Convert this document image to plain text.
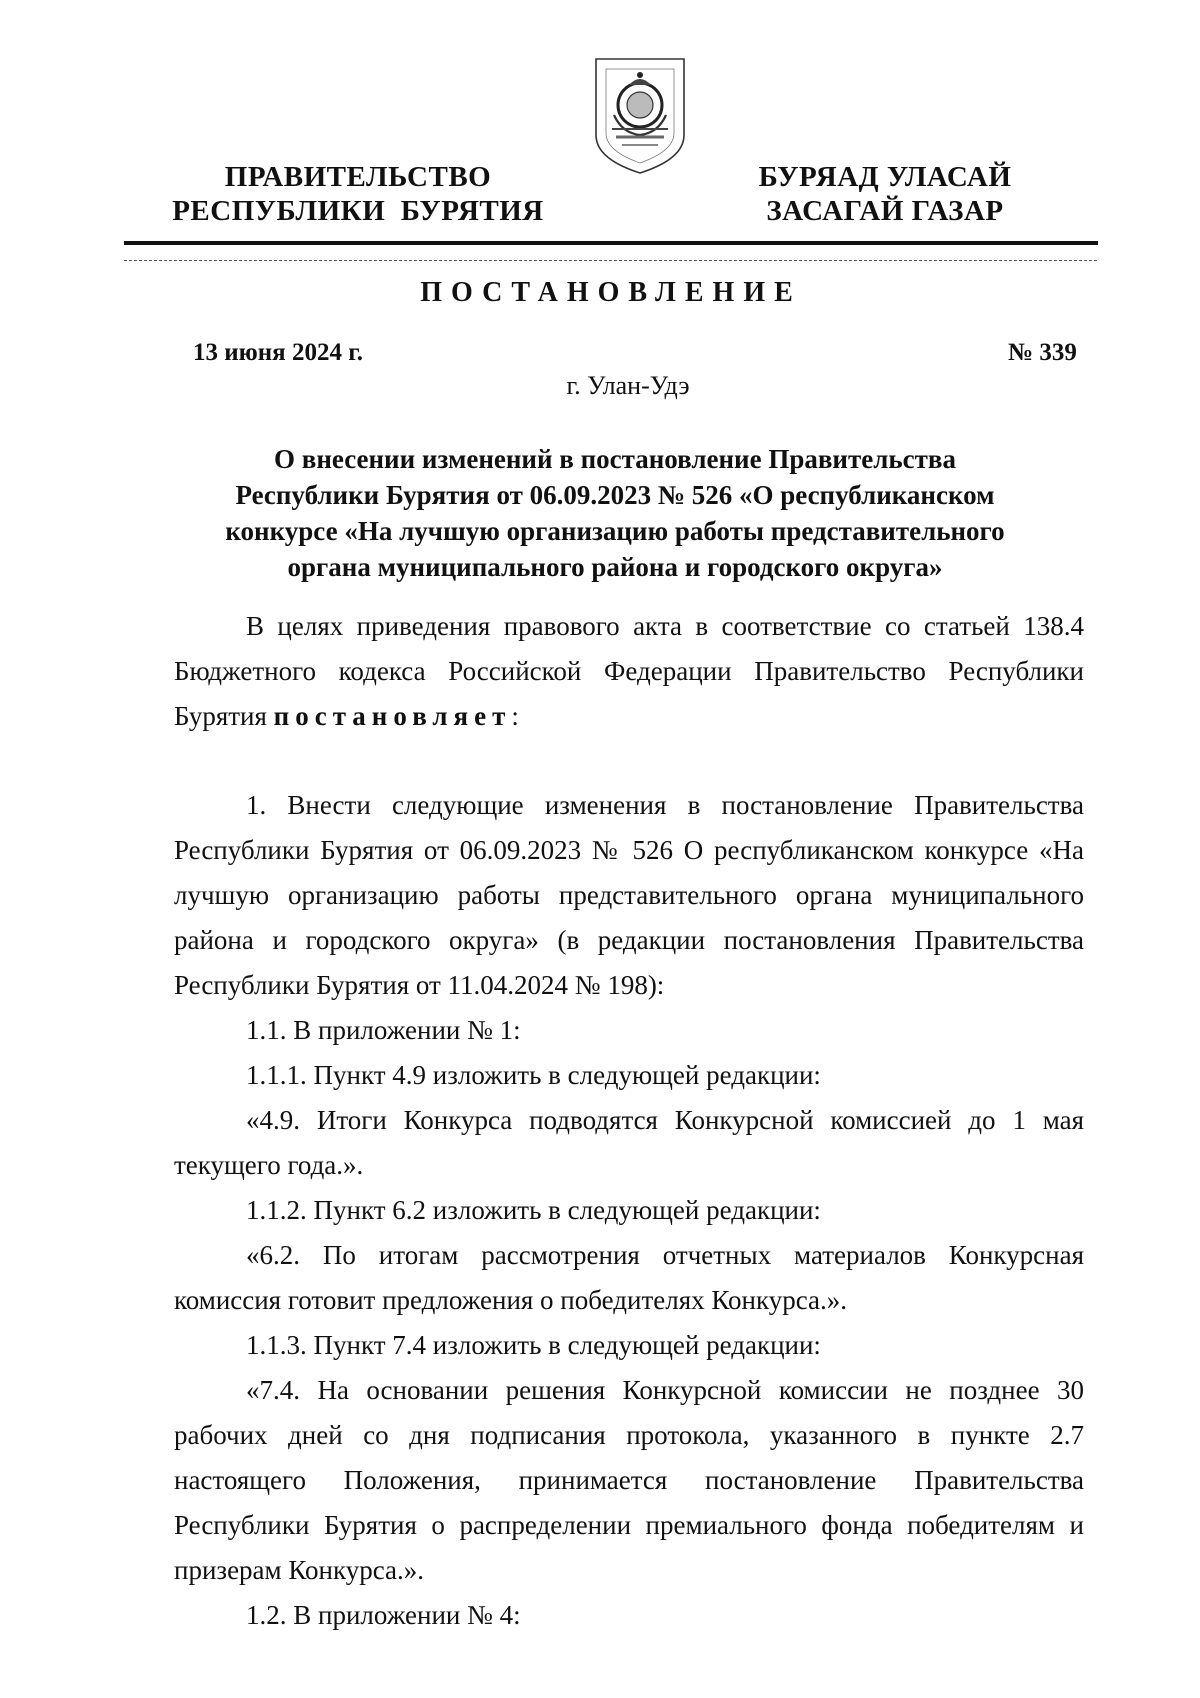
ПРАВИТЕЛЬСТВО
РЕСПУБЛИКИ  БУРЯТИЯ
БУРЯАД УЛАСАЙ
ЗАСАГАЙ ГАЗАР
ПОСТАНОВЛЕНИЕ
13 июня 2024 г.	№ 339
г. Улан-Удэ
О внесении изменений в постановление Правительства
Республики Бурятия от 06.09.2023 № 526 «О республиканском
конкурсе «На лучшую организацию работы представительного
органа муниципального района и городского округа»

В целях приведения правового акта в соответствие со статьей 138.4 Бюджетного кодекса Российской Федерации Правительство Республики Бурятия постановляет:

1. Внести следующие изменения в постановление Правительства Республики Бурятия от 06.09.2023 № 526 О республиканском конкурсе «На лучшую организацию работы представительного органа муниципального района и городского округа» (в редакции постановления Правительства Республики Бурятия от 11.04.2024 № 198):

1.1. В приложении № 1:

1.1.1. Пункт 4.9 изложить в следующей редакции:

«4.9. Итоги Конкурса подводятся Конкурсной комиссией до 1 мая текущего года.».

1.1.2. Пункт 6.2 изложить в следующей редакции:

«6.2. По итогам рассмотрения отчетных материалов Конкурсная комиссия готовит предложения о победителях Конкурса.».

1.1.3. Пункт 7.4 изложить в следующей редакции:

«7.4. На основании решения Конкурсной комиссии не позднее 30 рабочих дней со дня подписания протокола, указанного в пункте 2.7 настоящего Положения, принимается постановление Правительства Республики Бурятия о распределении премиального фонда победителям и призерам Конкурса.».

1.2. В приложении № 4:
